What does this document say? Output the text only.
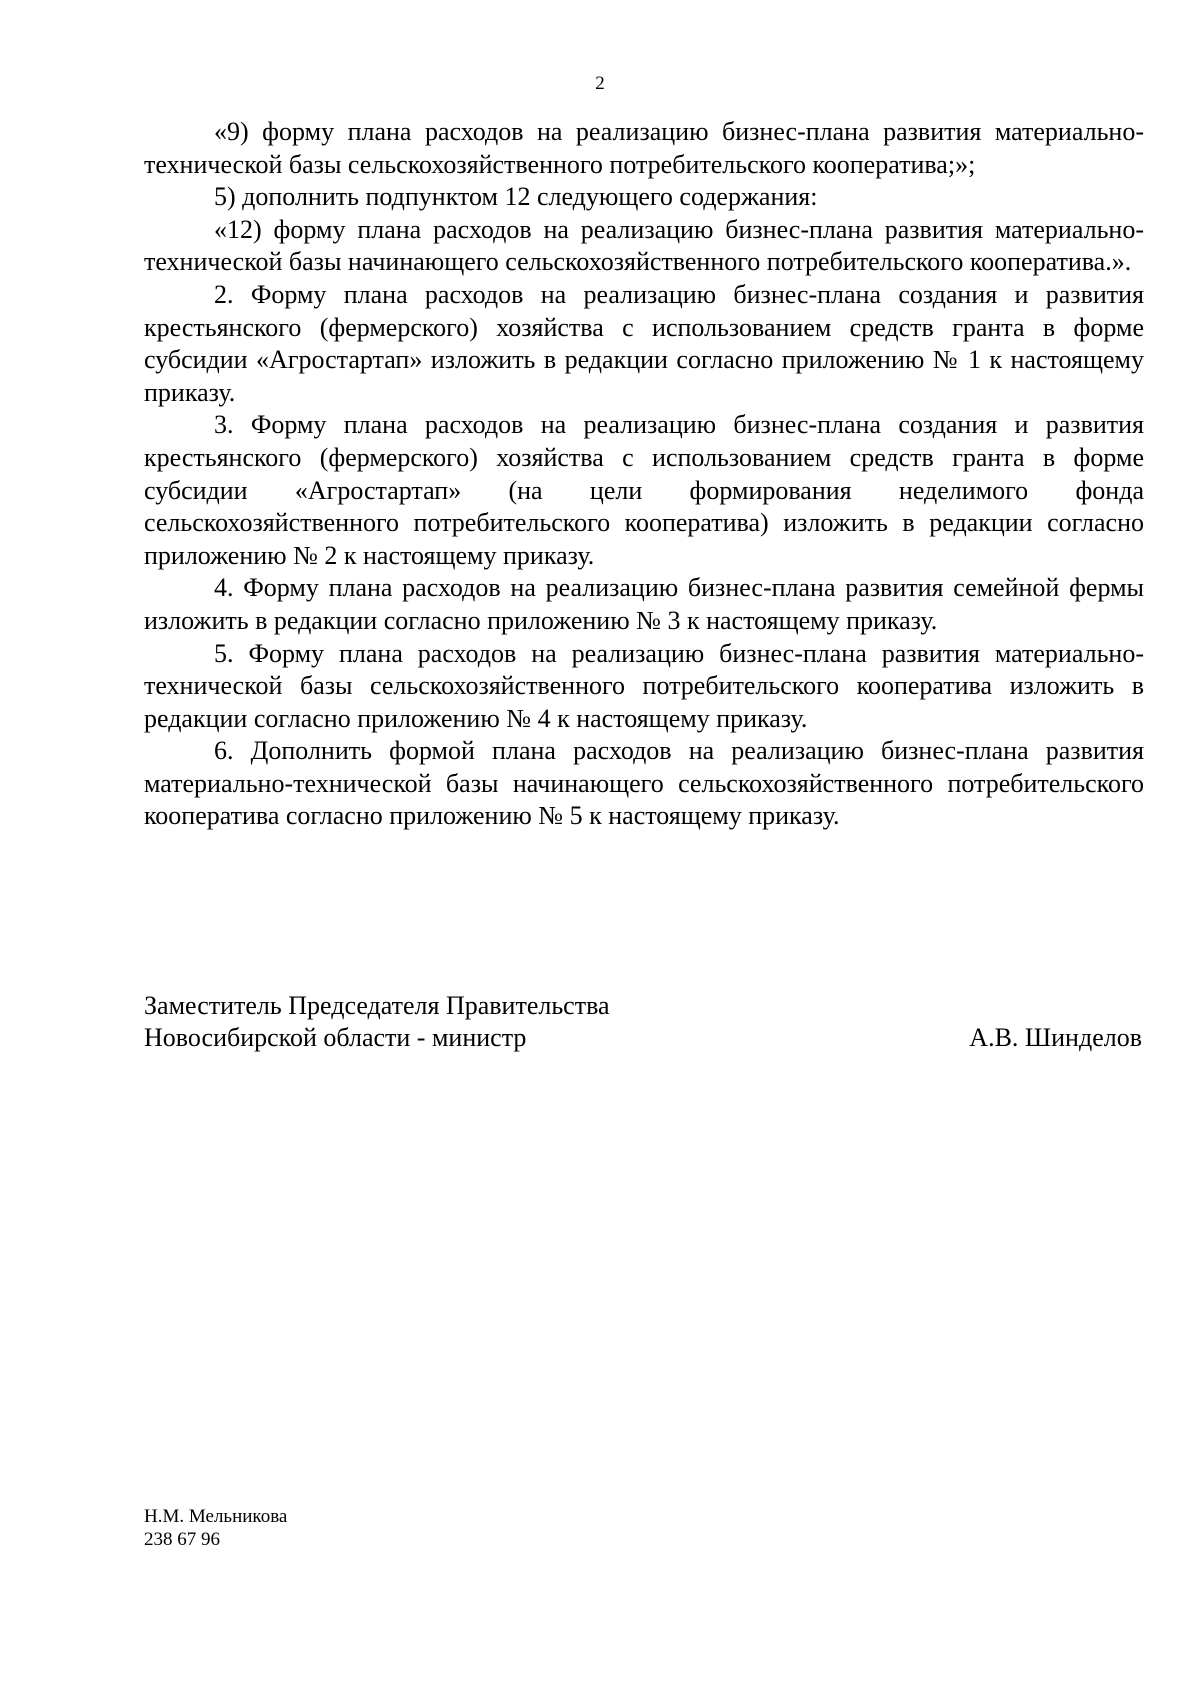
2

«9) форму плана расходов на реализацию бизнес-плана развития материально-технической базы сельскохозяйственного потребительского кооператива;»;

5) дополнить подпунктом 12 следующего содержания:

«12) форму плана расходов на реализацию бизнес-плана развития материально-технической базы начинающего сельскохозяйственного потребительского кооператива.».

2. Форму плана расходов на реализацию бизнес-плана создания и развития крестьянского (фермерского) хозяйства с использованием средств гранта в форме субсидии «Агростартап» изложить в редакции согласно приложению № 1 к настоящему приказу.

3. Форму плана расходов на реализацию бизнес-плана создания и развития крестьянского (фермерского) хозяйства с использованием средств гранта в форме субсидии «Агростартап» (на цели формирования неделимого фонда сельскохозяйственного потребительского кооператива) изложить в редакции согласно приложению № 2 к настоящему приказу.

4. Форму плана расходов на реализацию бизнес-плана развития семейной фермы изложить в редакции согласно приложению № 3 к настоящему приказу.

5. Форму плана расходов на реализацию бизнес-плана развития материально-технической базы сельскохозяйственного потребительского кооператива изложить в редакции согласно приложению № 4 к настоящему приказу.

6. Дополнить формой плана расходов на реализацию бизнес-плана развития материально-технической базы начинающего сельскохозяйственного потребительского кооператива согласно приложению № 5 к настоящему приказу.

Заместитель Председателя Правительства
Новосибирской области - министр	А.В. Шинделов
Н.М. Мельникова
238 67 96
